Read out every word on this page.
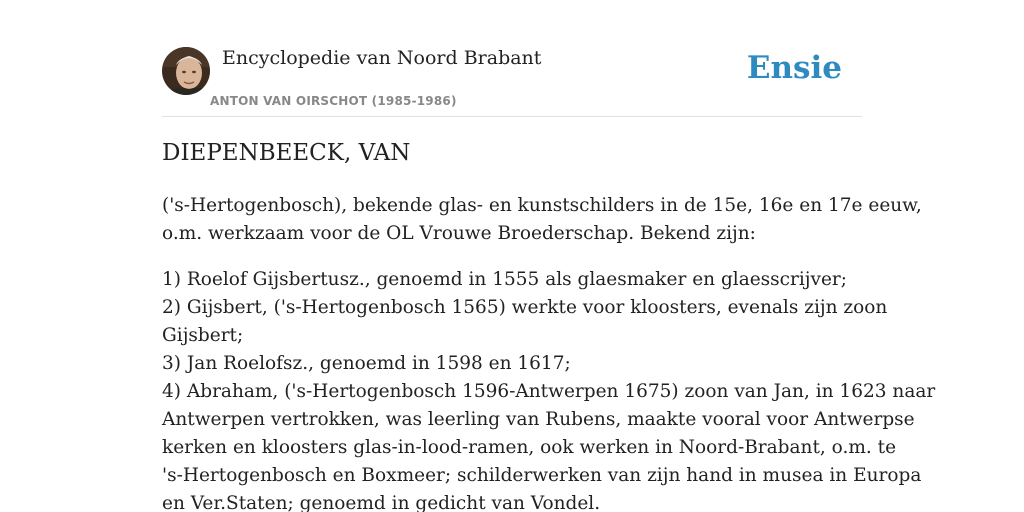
Encyclopedie van Noord Brabant
ANTON VAN OIRSCHOT (1985-1986)
Ensie
DIEPENBEECK, VAN

('s-Hertogenbosch), bekende glas- en kunstschilders in de 15e, 16e en 17e eeuw,
o.m. werkzaam voor de OL Vrouwe Broederschap. Bekend zijn:

1) Roelof Gijsbertusz., genoemd in 1555 als glaesmaker en glaesscrijver;
2) Gijsbert, ('s-Hertogenbosch 1565) werkte voor kloosters, evenals zijn zoon
Gijsbert;
3) Jan Roelofsz., genoemd in 1598 en 1617;
4) Abraham, ('s-Hertogenbosch 1596-Antwerpen 1675) zoon van Jan, in 1623 naar
Antwerpen vertrokken, was leerling van Rubens, maakte vooral voor Antwerpse
kerken en kloosters glas-in-lood-ramen, ook werken in Noord-Brabant, o.m. te
's-Hertogenbosch en Boxmeer; schilderwerken van zijn hand in musea in Europa
en Ver.Staten; genoemd in gedicht van Vondel.
